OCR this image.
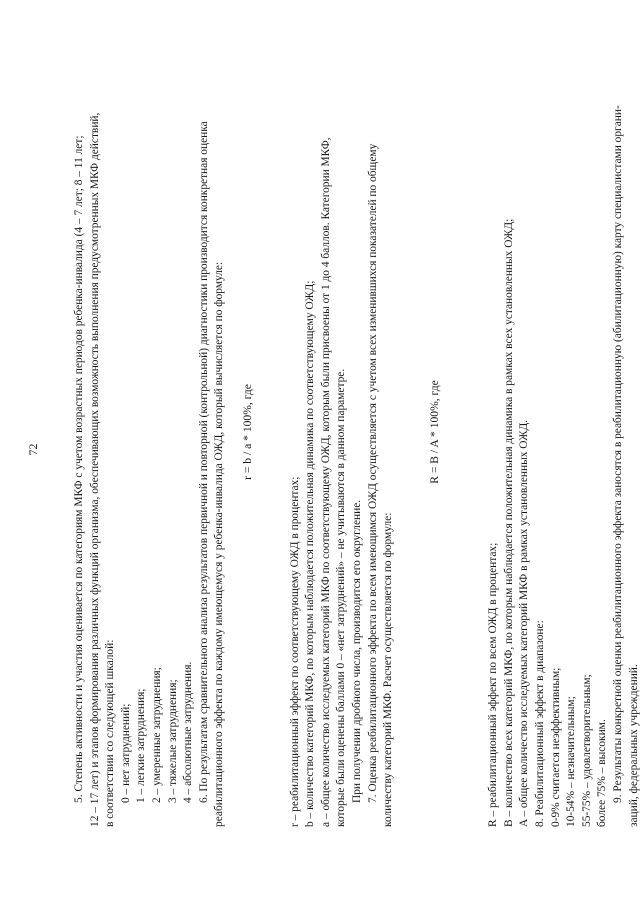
72	5. Степень активности и участия оценивается по категориям МКФ с учетом возрастных периодов ребенка-инвалида (4 – 7 лет; 8 – 11 лет; 12 – 17 лет) и этапов формирования различных функций организма, обеспечивающих возможность выполнения предусмотренных МКФ действий, в соответствии со следующей шкалой: 0 – нет затруднений; 1 – легкие затруднения; 2 – умеренные затруднения; 3 – тяжелые затруднения; 4 – абсолютные затруднения. 6. По результатам сравнительного анализа результатов первичной и повторной (контрольной) диагностики производится конкретная оценка реабилитационного эффекта по каждому имеющемуся у ребенка-инвалида ОЖД, который вычисляется по формуле: r = b / a * 100%, где

r – реабилитационный эффект по соответствующему ОЖД в процентах; b – количество категорий МКФ, по которым наблюдается положительная динамика по соответствующему ОЖД; a – общее количество исследуемых категорий МКФ по соответствующему ОЖД, которым были присвоены от 1 до 4 баллов. Категории МКФ, которые были оценены баллами 0 – «нет затруднений» – не учитываются в данном параметре. При получении дробного числа, производится его округление. 7. Оценка реабилитационного эффекта по всем имеющимся ОЖД осуществляется с учетом всех изменившихся показателей по общему количеству категорий МКФ. Расчет осуществляется по формуле:

R = B / A * 100%, где

R – реабилитационный эффект по всем ОЖД в процентах; B – количество всех категорий МКФ, по которым наблюдается положительная динамика в рамках всех установленных ОЖД; A – общее количество исследуемых категорий МКФ в рамках установленных ОЖД. 8. Реабилитационный эффект в диапазоне: 0-9% считается неэффективным; 10-54% – незначительным; 55-75% – удовлетворительным; более 75% – высоким. 9. Результаты конкретной оценки реабилитационного эффекта заносятся в реабилитационную (абилитационную) карту специалистами органи- заций, федеральных учреждений.
